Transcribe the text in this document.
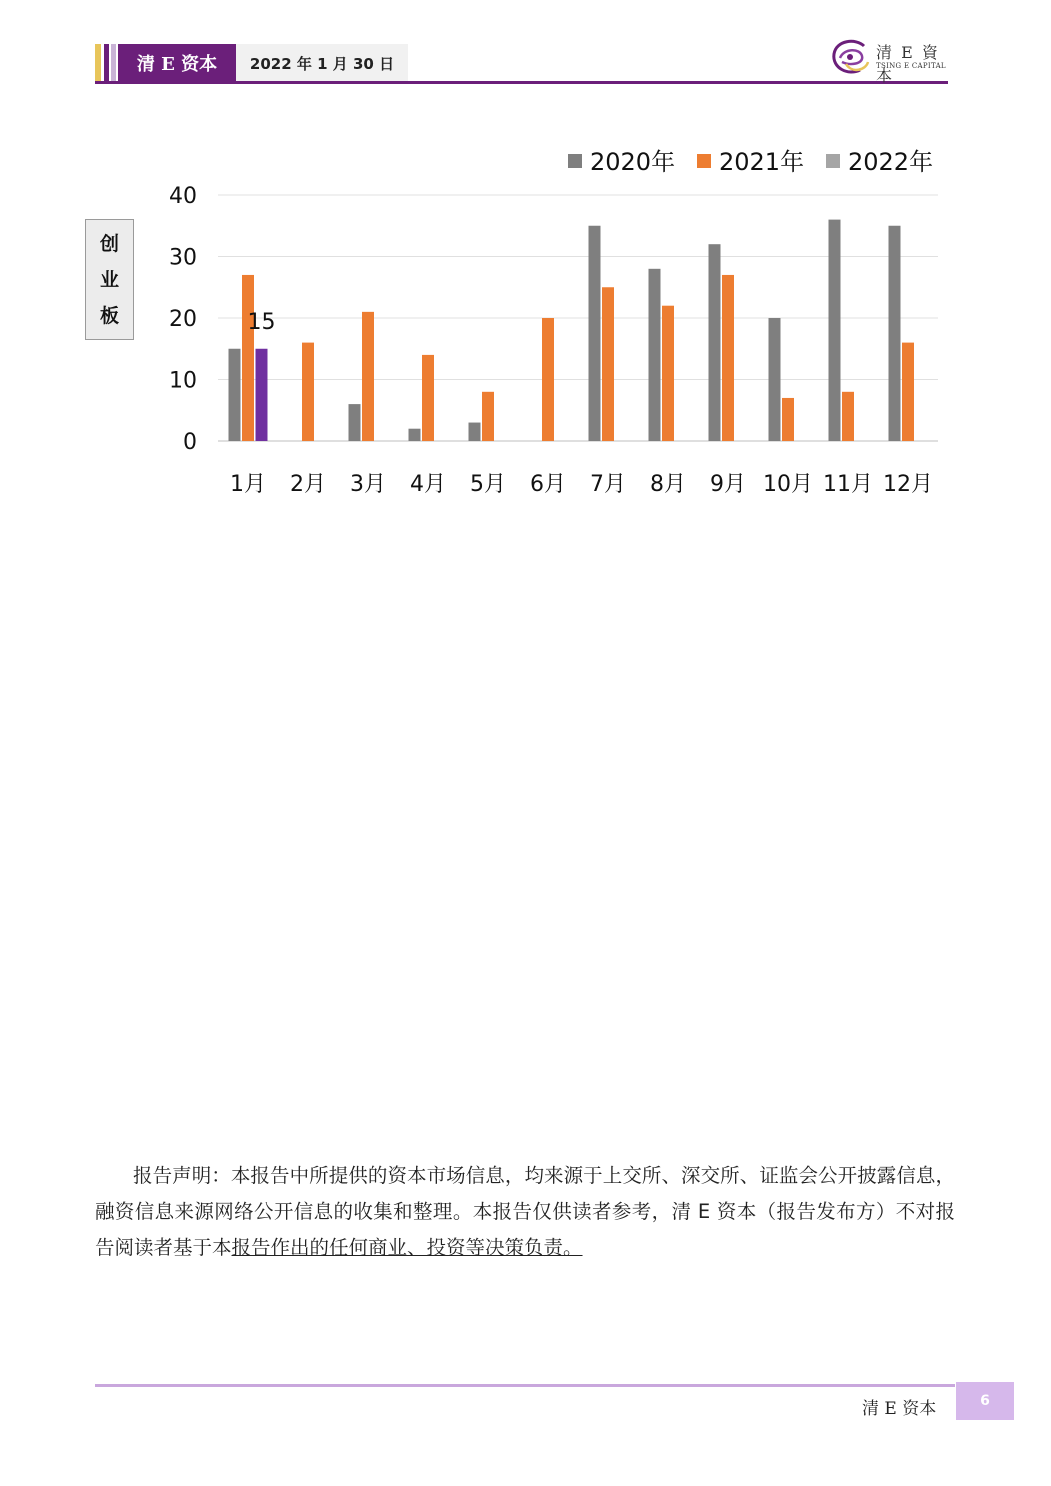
清 E 资本	2022 年 1 月 30 日
清 E 資本
TSING E CAPITAL
创
业
板
0
10
20
30
40
1月 2月 3月 4月 5月 6月 7月 8月 9月 10月 11月 12月
15
2020年 2021年 2022年
报告声明：本报告中所提供的资本市场信息，均来源于上交所、深交所、证监会公开披露信息，融资信息来源网络公开信息的收集和整理。本报告仅供读者参考，清 E 资本（报告发布方）不对报告阅读者基于本报告作出的任何商业、投资等决策负责。
清 E 资本	6
